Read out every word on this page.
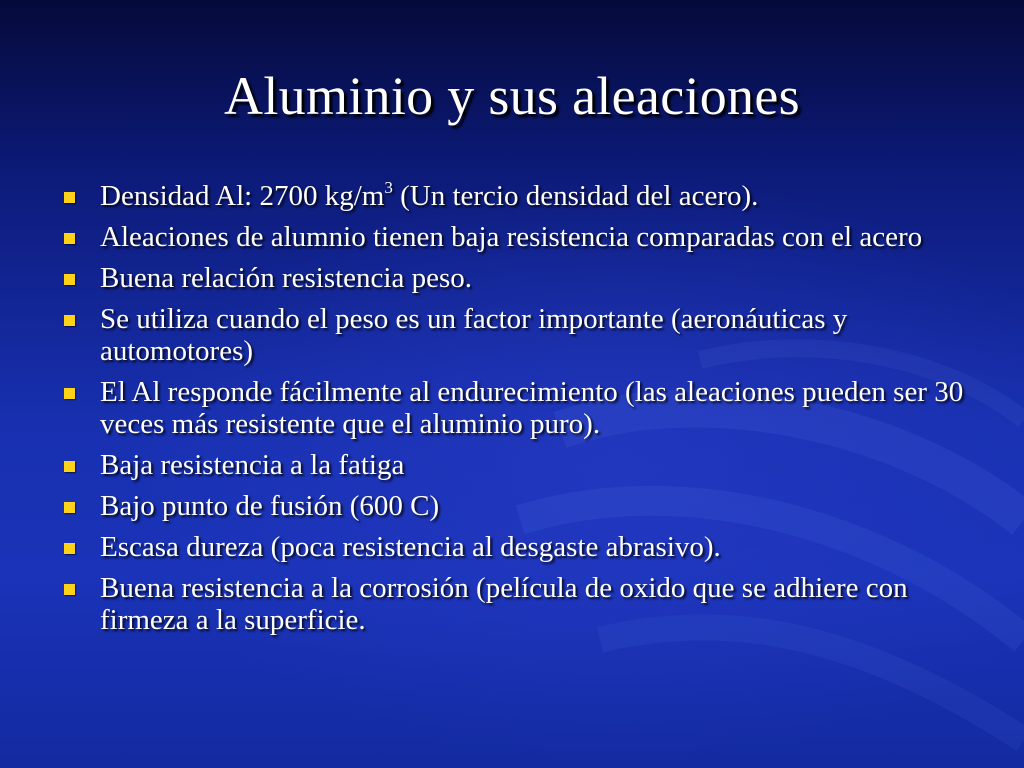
Aluminio y sus aleaciones
Densidad Al: 2700 $kg/m^3$ (Un tercio densidad del acero).
Aleaciones de alumnio tienen baja resistencia comparadas con el acero
Buena relación resistencia peso.
Se utiliza cuando el peso es un factor importante (aeronáuticas y automotores)
El Al responde fácilmente al endurecimiento (las aleaciones pueden ser 30 veces más resistente que el aluminio puro).
Baja resistencia a la fatiga
Bajo punto de fusión (600 C)
Escasa dureza (poca resistencia al desgaste abrasivo).
Buena resistencia a la corrosión (película de oxido que se adhiere con firmeza a la superficie.
